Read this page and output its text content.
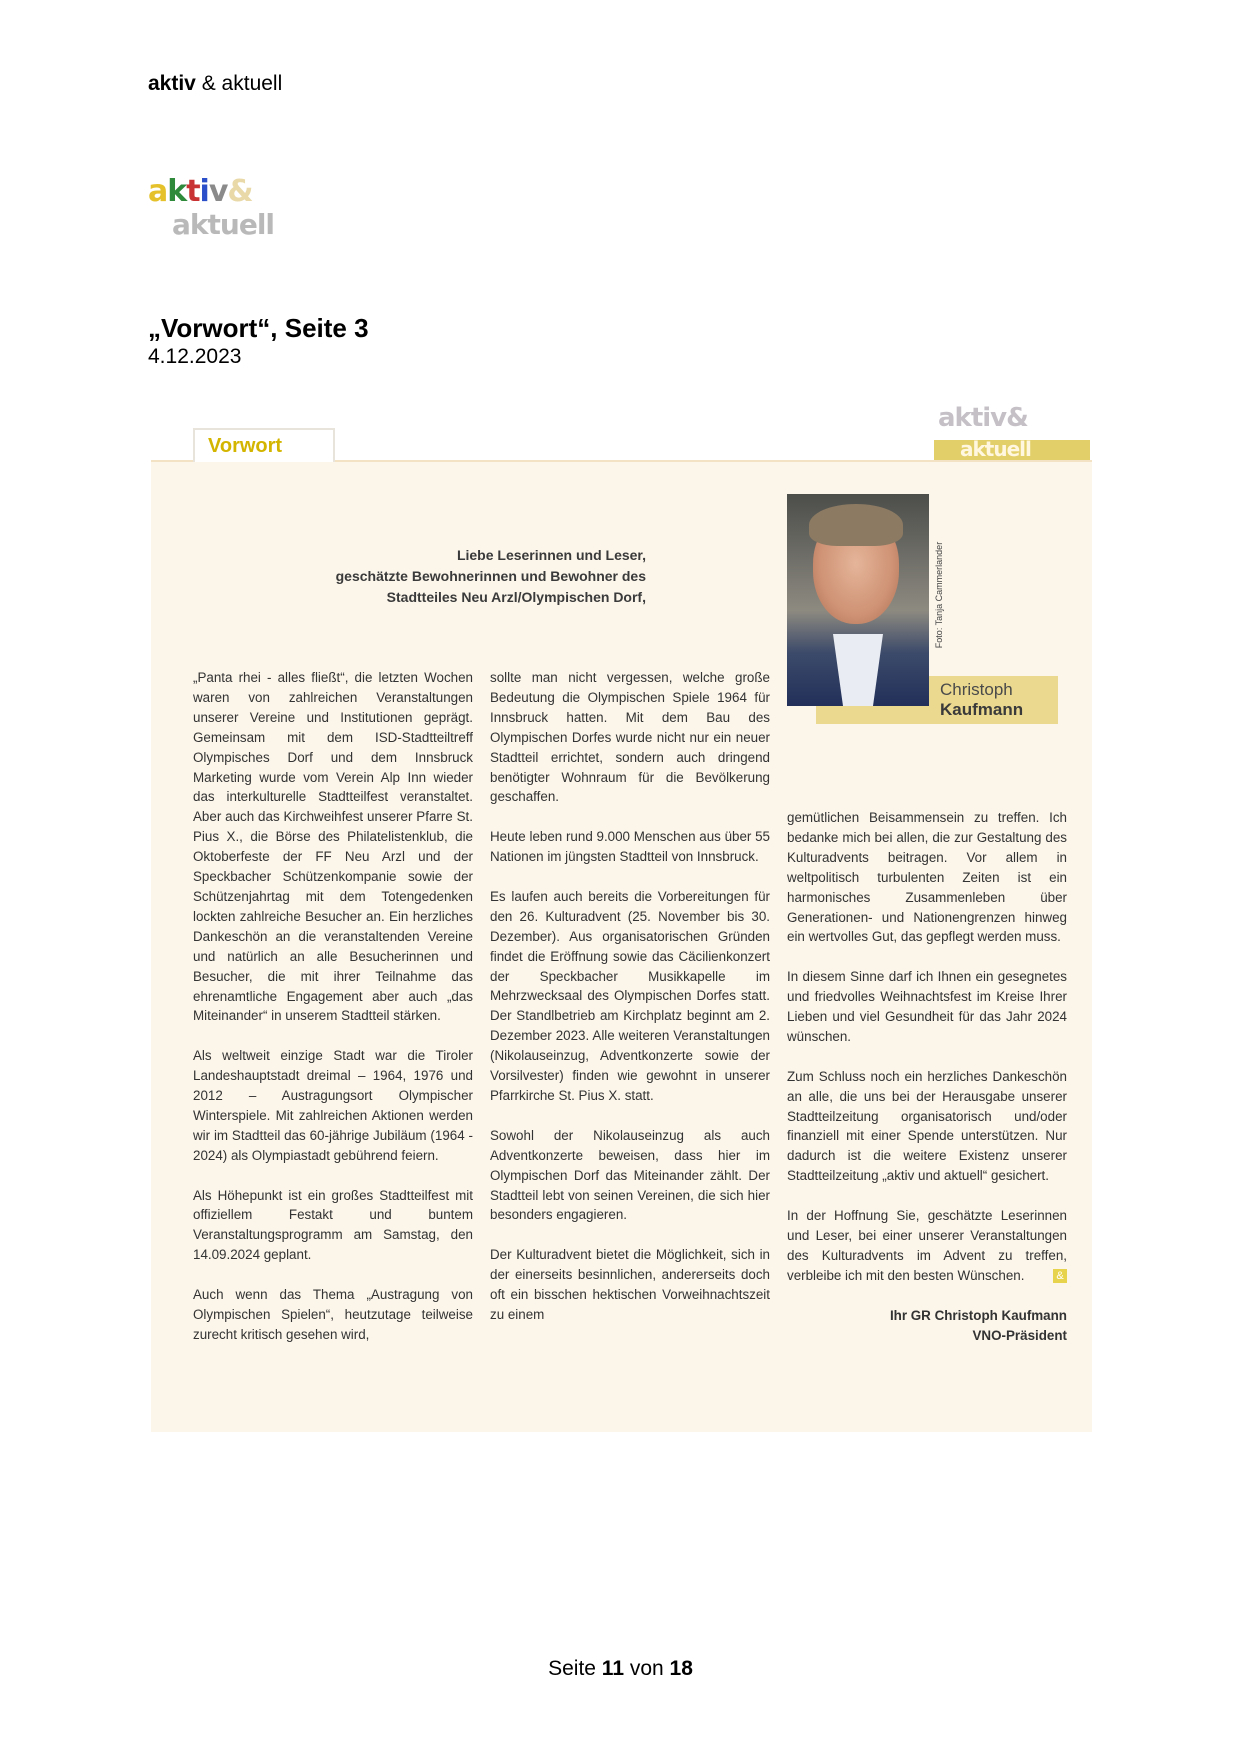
aktiv & aktuell
aktiv&
aktuell
„Vorwort“, Seite 3
4.12.2023
Vorwort
aktiv&
aktuell
Liebe Leserinnen und Leser,
geschätzte Bewohnerinnen und Bewohner des
Stadtteiles Neu Arzl/Olympischen Dorf,	Foto: Tanja Cammerlander
Christoph
Kaufmann

„Panta rhei - alles fließt“, die letzten Wochen waren von zahlreichen Veranstaltungen unserer Vereine und Institutionen geprägt. Gemeinsam mit dem ISD-Stadtteiltreff Olympisches Dorf und dem Innsbruck Marketing wurde vom Verein Alp Inn wieder das interkulturelle Stadtteilfest veranstaltet. Aber auch das Kirchweihfest unserer Pfarre St. Pius X., die Börse des Philatelistenklub, die Oktoberfeste der FF Neu Arzl und der Speckbacher Schützenkompanie sowie der Schützenjahrtag mit dem Totengedenken lockten zahlreiche Besucher an. Ein herzliches Dankeschön an die veranstaltenden Vereine und natürlich an alle Besucherinnen und Besucher, die mit ihrer Teilnahme das ehrenamtliche Engagement aber auch „das Miteinander“ in unserem Stadtteil stärken.

Als weltweit einzige Stadt war die Tiroler Landeshauptstadt dreimal – 1964, 1976 und 2012 – Austragungsort Olympischer Winterspiele. Mit zahlreichen Aktionen werden wir im Stadtteil das 60-jährige Jubiläum (1964 - 2024) als Olympiastadt gebührend feiern.

Als Höhepunkt ist ein großes Stadtteilfest mit offiziellem Festakt und buntem Veranstaltungsprogramm am Samstag, den 14.09.2024 geplant.

Auch wenn das Thema „Austragung von Olympischen Spielen“, heutzutage teilweise zurecht kritisch gesehen wird,

sollte man nicht vergessen, welche große Bedeutung die Olympischen Spiele 1964 für Innsbruck hatten. Mit dem Bau des Olympischen Dorfes wurde nicht nur ein neuer Stadtteil errichtet, sondern auch dringend benötigter Wohnraum für die Bevölkerung geschaffen.

Heute leben rund 9.000 Menschen aus über 55 Nationen im jüngsten Stadtteil von Innsbruck.

Es laufen auch bereits die Vorbereitungen für den 26. Kulturadvent (25. November bis 30. Dezember). Aus organisatorischen Gründen findet die Eröffnung sowie das Cäcilienkonzert der Speckbacher Musikkapelle im Mehrzwecksaal des Olympischen Dorfes statt. Der Standlbetrieb am Kirchplatz beginnt am 2. Dezember 2023. Alle weiteren Veranstaltungen (Nikolauseinzug, Adventkonzerte sowie der Vorsilvester) finden wie gewohnt in unserer Pfarrkirche St. Pius X. statt.

Sowohl der Nikolauseinzug als auch Adventkonzerte beweisen, dass hier im Olympischen Dorf das Miteinander zählt. Der Stadtteil lebt von seinen Vereinen, die sich hier besonders engagieren.

Der Kulturadvent bietet die Möglichkeit, sich in der einerseits besinnlichen, andererseits doch oft ein bisschen hektischen Vorweihnachtszeit zu einem

gemütlichen Beisammensein zu treffen. Ich bedanke mich bei allen, die zur Gestaltung des Kulturadvents beitragen. Vor allem in weltpolitisch turbulenten Zeiten ist ein harmonisches Zusammenleben über Generationen- und Nationengrenzen hinweg ein wertvolles Gut, das gepflegt werden muss.

In diesem Sinne darf ich Ihnen ein gesegnetes und friedvolles Weihnachtsfest im Kreise Ihrer Lieben und viel Gesundheit für das Jahr 2024 wünschen.

Zum Schluss noch ein herzliches Dankeschön an alle, die uns bei der Herausgabe unserer Stadtteilzeitung organisatorisch und/oder finanziell mit einer Spende unterstützen. Nur dadurch ist die weitere Existenz unserer Stadtteilzeitung „aktiv und aktuell“ gesichert.

In der Hoffnung Sie, geschätzte Leserinnen und Leser, bei einer unserer Veranstaltungen des Kulturadvents im Advent zu treffen, verbleibe ich mit den besten Wünschen.	&
Ihr GR Christoph Kaufmann
VNO-Präsident
Seite 11 von 18
